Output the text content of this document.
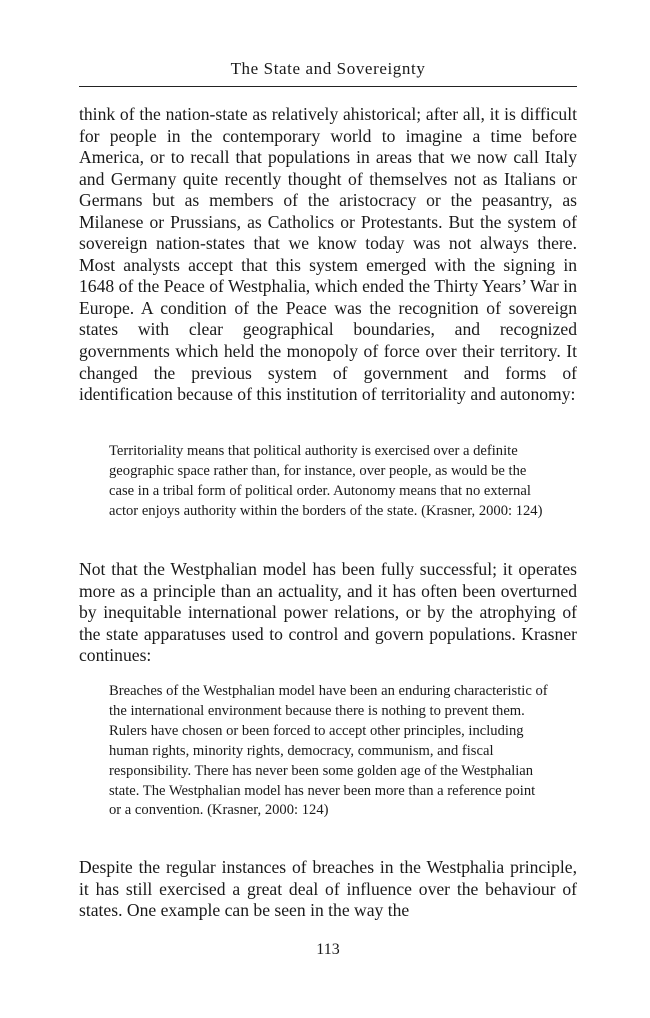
The State and Sovereignty

think of the nation-state as relatively ahistorical; after all, it is difficult for people in the contemporary world to imagine a time before America, or to recall that populations in areas that we now call Italy and Germany quite recently thought of themselves not as Italians or Germans but as members of the aristocracy or the peasantry, as Milanese or Prussians, as Catholics or Protestants. But the system of sovereign nation-states that we know today was not always there. Most analysts accept that this system emerged with the signing in 1648 of the Peace of Westphalia, which ended the Thirty Years’ War in Europe. A condition of the Peace was the recognition of sovereign states with clear geographical boundaries, and recognized governments which held the monopoly of force over their territory. It changed the previous system of government and forms of identification because of this institution of territoriality and autonomy:

Territoriality means that political authority is exercised over a definite geographic space rather than, for instance, over people, as would be the case in a tribal form of political order. Autonomy means that no external actor enjoys authority within the borders of the state. (Krasner, 2000: 124)

Not that the Westphalian model has been fully successful; it operates more as a principle than an actuality, and it has often been overturned by inequitable international power relations, or by the atrophying of the state apparatuses used to control and govern populations. Krasner continues:

Breaches of the Westphalian model have been an enduring characteristic of the international environment because there is nothing to prevent them. Rulers have chosen or been forced to accept other principles, including human rights, minority rights, democracy, communism, and fiscal responsibility. There has never been some golden age of the Westphalian state. The Westphalian model has never been more than a reference point or a convention. (Krasner, 2000: 124)

Despite the regular instances of breaches in the Westphalia principle, it has still exercised a great deal of influence over the behaviour of states. One example can be seen in the way the

113
